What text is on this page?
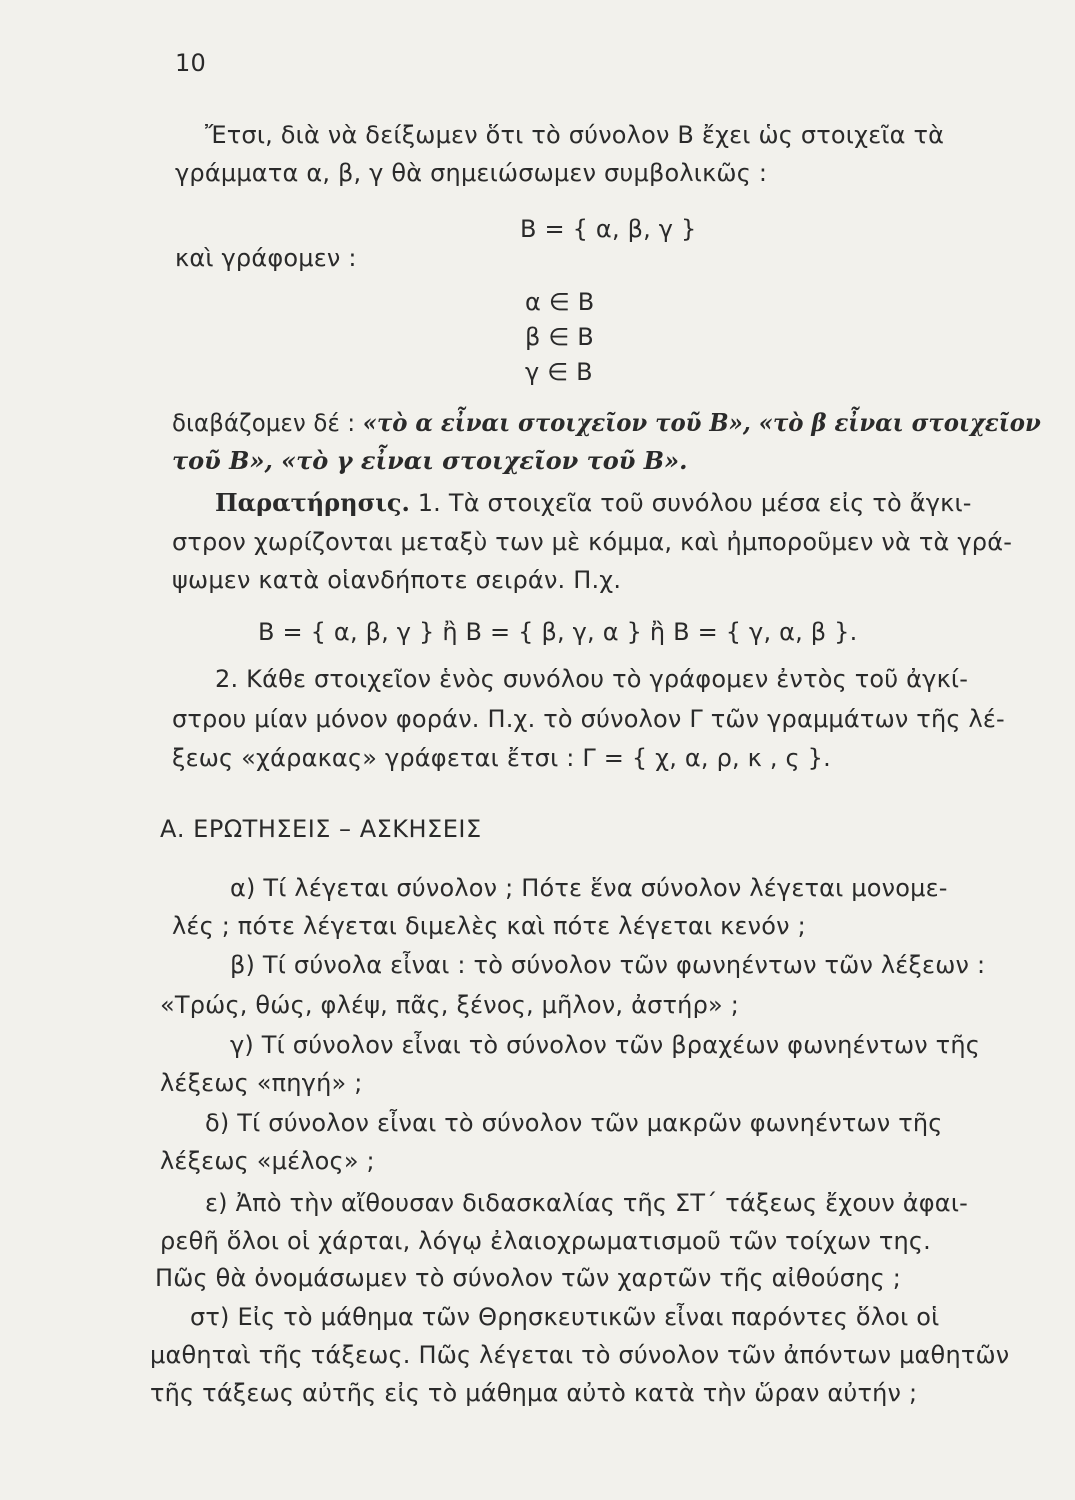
10
Ἔτσι, διὰ νὰ δείξωμεν ὅτι τὸ σύνολον Β ἔχει ὡς στοιχεῖα τὰ
γράμματα α, β, γ θὰ σημειώσωμεν συμβολικῶς :
Β = { α, β, γ }
καὶ γράφομεν :
α ∈ Β
β ∈ Β
γ ∈ Β
διαβάζομεν δέ : «τὸ α εἶναι στοιχεῖον τοῦ Β», «τὸ β εἶναι στοιχεῖον
τοῦ Β», «τὸ γ εἶναι στοιχεῖον τοῦ Β».
Παρατήρησις. 1. Τὰ στοιχεῖα τοῦ συνόλου μέσα εἰς τὸ ἄγκι-
στρον χωρίζονται μεταξὺ των μὲ κόμμα, καὶ ἠμποροῦμεν νὰ τὰ γρά-
ψωμεν κατὰ οἱανδήποτε σειράν. Π.χ.
Β = { α, β, γ } ἢ Β = { β, γ, α } ἢ Β = { γ, α, β }.
2. Κάθε στοιχεῖον ἑνὸς συνόλου τὸ γράφομεν ἐντὸς τοῦ ἀγκί-
στρου μίαν μόνον φοράν. Π.χ. τὸ σύνολον Γ τῶν γραμμάτων τῆς λέ-
ξεως «χάρακας» γράφεται ἔτσι : Γ = { χ, α, ρ, κ , ς }.
Α. ΕΡΩΤΗΣΕΙΣ – ΑΣΚΗΣΕΙΣ
α) Τί λέγεται σύνολον ; Πότε ἕνα σύνολον λέγεται μονομε-
λές ; πότε λέγεται διμελὲς καὶ πότε λέγεται κενόν ;
β) Τί σύνολα εἶναι : τὸ σύνολον τῶν φωνηέντων τῶν λέξεων :
«Τρώς, θώς, φλέψ, πᾶς, ξένος, μῆλον, ἀστήρ» ;
γ) Τί σύνολον εἶναι τὸ σύνολον τῶν βραχέων φωνηέντων τῆς
λέξεως «πηγή» ;
δ) Τί σύνολον εἶναι τὸ σύνολον τῶν μακρῶν φωνηέντων τῆς
λέξεως «μέλος» ;
ε) Ἀπὸ τὴν αἴθουσαν διδασκαλίας τῆς ΣΤ΄ τάξεως ἔχουν ἀφαι-
ρεθῆ ὅλοι οἱ χάρται, λόγῳ ἐλαιοχρωματισμοῦ τῶν τοίχων της.
Πῶς θὰ ὀνομάσωμεν τὸ σύνολον τῶν χαρτῶν τῆς αἰθούσης ;
στ) Εἰς τὸ μάθημα τῶν Θρησκευτικῶν εἶναι παρόντες ὅλοι οἱ
μαθηταὶ τῆς τάξεως. Πῶς λέγεται τὸ σύνολον τῶν ἀπόντων μαθητῶν
τῆς τάξεως αὐτῆς εἰς τὸ μάθημα αὐτὸ κατὰ τὴν ὥραν αὐτήν ;
